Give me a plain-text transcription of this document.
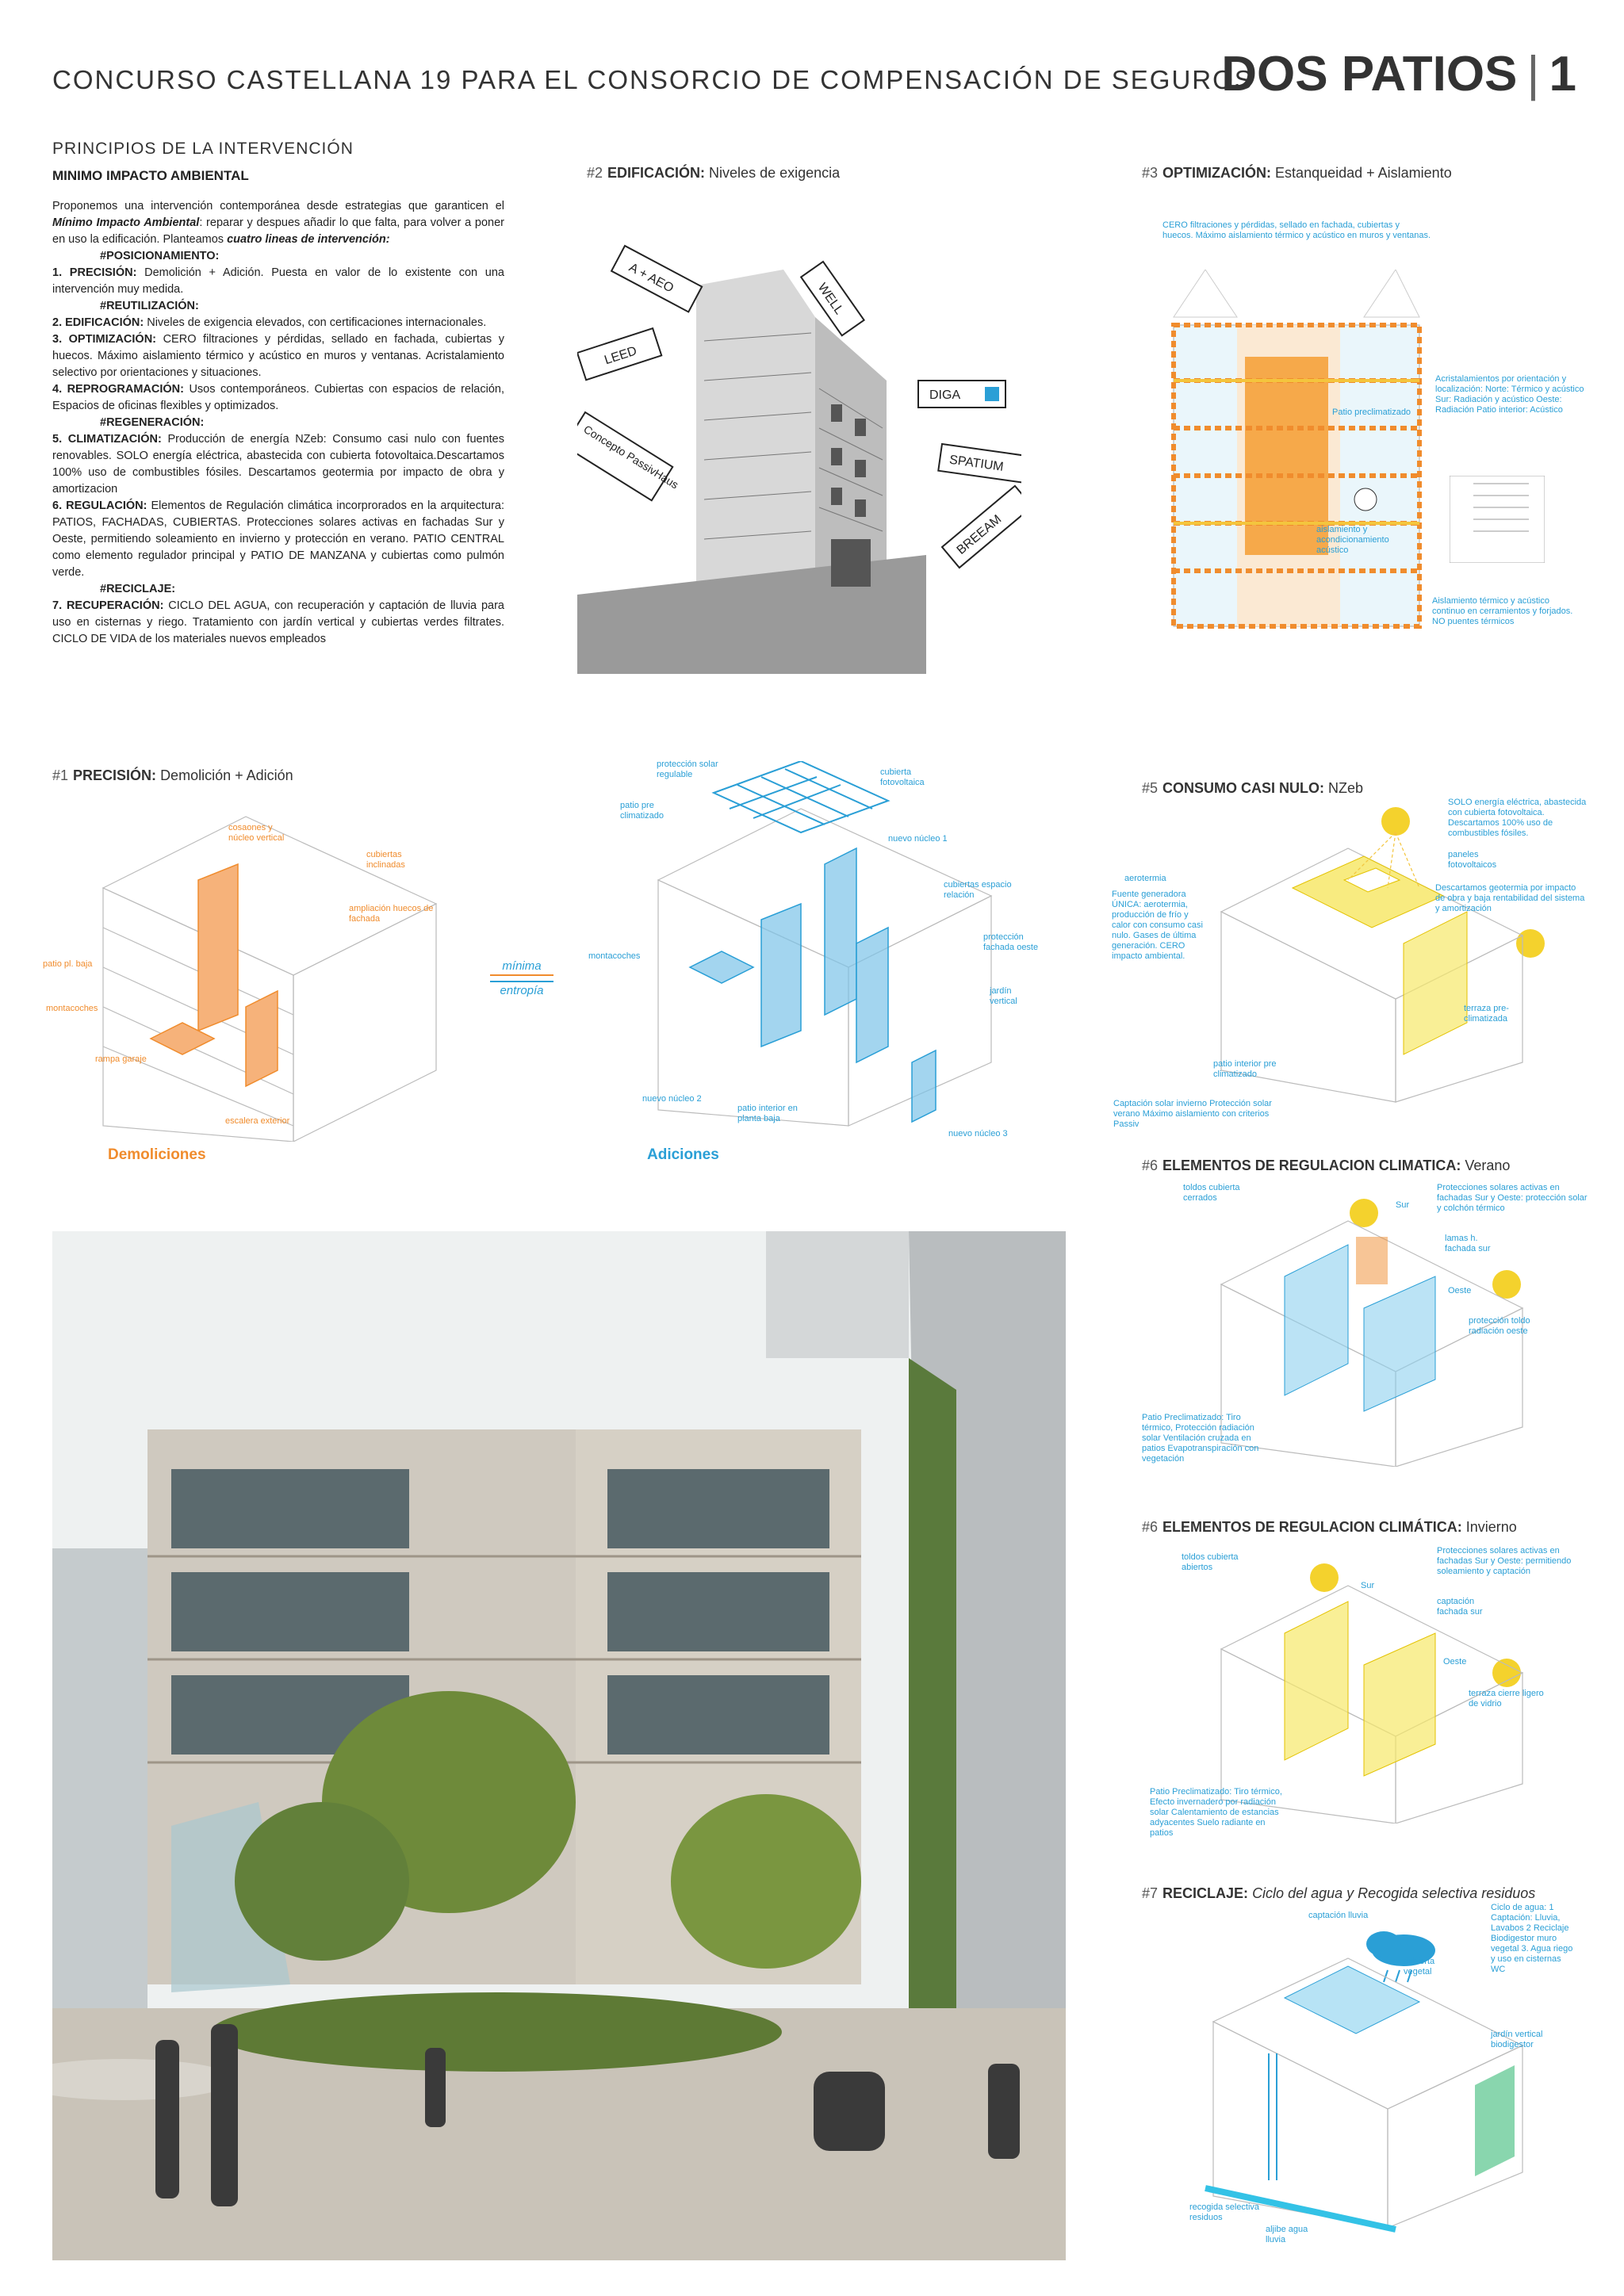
CONCURSO CASTELLANA 19 PARA EL CONSORCIO DE COMPENSACIÓN DE SEGUROS
DOS PATIOS | 1
PRINCIPIOS DE LA INTERVENCIÓN
MINIMO IMPACTO AMBIENTAL

Proponemos una intervención contemporánea desde estrategias que garanticen el Mínimo Impacto Ambiental: reparar y despues añadir lo que falta, para volver a poner en uso la edificación. Planteamos cuatro lineas de intervención:

#POSICIONAMIENTO:

1. PRECISIÓN: Demolición + Adición. Puesta en valor de lo existente con una intervención muy medida.

#REUTILIZACIÓN:

2. EDIFICACIÓN: Niveles de exigencia elevados, con certificaciones internacionales.

3. OPTIMIZACIÓN: CERO filtraciones y pérdidas, sellado en fachada, cubiertas y huecos. Máximo aislamiento térmico y acústico en muros y ventanas. Acristalamiento selectivo por orientaciones y situaciones.

4. REPROGRAMACIÓN: Usos contemporáneos. Cubiertas con espacios de relación, Espacios de oficinas flexibles y optimizados.

#REGENERACIÓN:

5. CLIMATIZACIÓN: Producción de energía NZeb: Consumo casi nulo con fuentes renovables. SOLO energía eléctrica, abastecida con cubierta fotovoltaica.Descartamos 100% uso de combustibles fósiles. Descartamos geotermia por impacto de obra y amortizacion

6. REGULACIÓN: Elementos de Regulación climática incorprorados en la arquitectura: PATIOS, FACHADAS, CUBIERTAS. Protecciones solares activas en fachadas Sur y Oeste, permitiendo soleamiento en invierno y protección en verano. PATIO CENTRAL como elemento regulador principal y PATIO DE MANZANA y cubiertas como pulmón verde.

#RECICLAJE:

7. RECUPERACIÓN: CICLO DEL AGUA, con recuperación y captación de lluvia para uso en cisternas y riego. Tratamiento con jardín vertical y cubiertas verdes filtrates. CICLO DE VIDA de los materiales nuevos empleados

#2 EDIFICACIÓN: Niveles de exigencia
A + AEO
WELL
LEED
DIGA
Concepto PassivHaus	SPATIUM
BREEAM
#3 OPTIMIZACIÓN: Estanqueidad + Aislamiento
CERO filtraciones y pérdidas, sellado en fachada, cubiertas y huecos. Máximo aislamiento térmico y acústico en muros y ventanas.
Acristalamientos por orientación y localización: Norte: Térmico y acústico Sur: Radiación y acústico Oeste: Radiación Patio interior: Acústico
Patio preclimatizado
aislamiento y acondicionamiento acústico
Aislamiento térmico y acústico continuo en cerramientos y forjados. NO puentes térmicos
#1 PRECISIÓN: Demolición + Adición
cosaones y núcleo vertical
cubiertas inclinadas
ampliación huecos de fachada
patio pl. baja
montacoches
rampa garaje
escalera exterior
Demoliciones
mínima
entropía
protección solar regulable	cubierta fotovoltaica
patio pre climatizado
nuevo núcleo 1
cubiertas espacio relación
protección fachada oeste
jardín vertical
montacoches
nuevo núcleo 2
patio interior en planta baja
nuevo núcleo 3
Adiciones
#5 CONSUMO CASI NULO: NZeb
SOLO energía eléctrica, abastecida con cubierta fotovoltaica. Descartamos 100% uso de combustibles fósiles.
paneles fotovoltaicos
aerotermia
Descartamos geotermia por impacto de obra y baja rentabilidad del sistema y amortización
Fuente generadora ÚNICA: aerotermia, producción de frío y calor con consumo casi nulo. Gases de última generación. CERO impacto ambiental.
terraza pre-climatizada
patio interior pre climatizado
Captación solar invierno Protección solar verano Máximo aislamiento con criterios Passiv
#6 ELEMENTOS DE REGULACION CLIMATICA: Verano
toldos cubierta cerrados
Sur
Protecciones solares activas en fachadas Sur y Oeste: protección solar y colchón térmico
lamas h. fachada sur
Oeste
protección toldo radiación oeste
Patio Preclimatizado: Tiro térmico, Protección radiación solar Ventilación cruzada en patios Evapotranspiración con vegetación
#6 ELEMENTOS DE REGULACION CLIMÁTICA: Invierno
toldos cubierta abiertos
Sur
Protecciones solares activas en fachadas Sur y Oeste: permitiendo soleamiento y captación
captación fachada sur
Oeste
terraza cierre ligero de vidrio
Patio Preclimatizado: Tiro térmico, Efecto invernadero por radiación solar Calentamiento de estancias adyacentes Suelo radiante en patios
#7 RECICLAJE: Ciclo del agua y Recogida selectiva residuos
captación lluvia
Ciclo de agua: 1 Captación: Lluvia, Lavabos 2 Reciclaje Biodigestor muro vegetal 3. Agua riego y uso en cisternas WC
cubierta vegetal
jardín vertical biodigestor
recogida selectiva residuos
aljibe agua lluvia
